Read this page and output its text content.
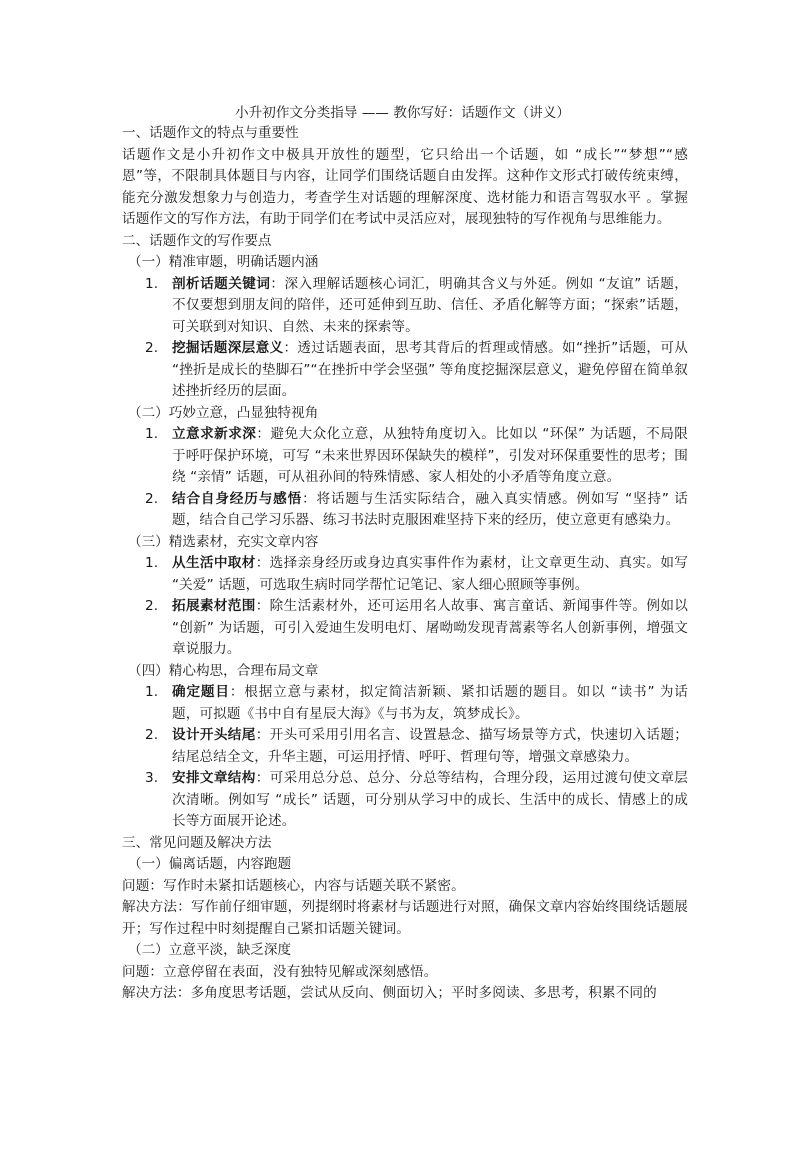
小升初作文分类指导 —— 教你写好：话题作文（讲义）
一、话题作文的特点与重要性
话题作文是小升初作文中极具开放性的题型，它只给出一个话题，如 “成长”“梦想”“感恩”等，不限制具体题目与内容，让同学们围绕话题自由发挥。这种作文形式打破传统束缚，能充分激发想象力与创造力，考查学生对话题的理解深度、选材能力和语言驾驭水平 。掌握话题作文的写作方法，有助于同学们在考试中灵活应对，展现独特的写作视角与思维能力。
二、话题作文的写作要点
（一）精准审题，明确话题内涵
1. 剖析话题关键词：深入理解话题核心词汇，明确其含义与外延。例如 “友谊” 话题，不仅要想到朋友间的陪伴，还可延伸到互助、信任、矛盾化解等方面；“探索”话题，可关联到对知识、自然、未来的探索等。
2. 挖掘话题深层意义：透过话题表面，思考其背后的哲理或情感。如“挫折”话题，可从 “挫折是成长的垫脚石”“在挫折中学会坚强” 等角度挖掘深层意义，避免停留在简单叙述挫折经历的层面。
（二）巧妙立意，凸显独特视角
1. 立意求新求深：避免大众化立意，从独特角度切入。比如以 “环保” 为话题，不局限于呼吁保护环境，可写 “未来世界因环保缺失的模样”，引发对环保重要性的思考；围绕 “亲情” 话题，可从祖孙间的特殊情感、家人相处的小矛盾等角度立意。
2. 结合自身经历与感悟：将话题与生活实际结合，融入真实情感。例如写 “坚持” 话题，结合自己学习乐器、练习书法时克服困难坚持下来的经历，使立意更有感染力。
（三）精选素材，充实文章内容
1. 从生活中取材：选择亲身经历或身边真实事件作为素材，让文章更生动、真实。如写 “关爱” 话题，可选取生病时同学帮忙记笔记、家人细心照顾等事例。
2. 拓展素材范围：除生活素材外，还可运用名人故事、寓言童话、新闻事件等。例如以 “创新” 为话题，可引入爱迪生发明电灯、屠呦呦发现青蒿素等名人创新事例，增强文章说服力。
（四）精心构思，合理布局文章
1. 确定题目：根据立意与素材，拟定简洁新颖、紧扣话题的题目。如以 “读书” 为话题，可拟题《书中自有星辰大海》《与书为友，筑梦成长》。
2. 设计开头结尾：开头可采用引用名言、设置悬念、描写场景等方式，快速切入话题；结尾总结全文，升华主题，可运用抒情、呼吁、哲理句等，增强文章感染力。
3. 安排文章结构：可采用总分总、总分、分总等结构，合理分段，运用过渡句使文章层次清晰。例如写 “成长” 话题，可分别从学习中的成长、生活中的成长、情感上的成长等方面展开论述。
三、常见问题及解决方法
（一）偏离话题，内容跑题
问题：写作时未紧扣话题核心，内容与话题关联不紧密。
解决方法：写作前仔细审题，列提纲时将素材与话题进行对照，确保文章内容始终围绕话题展开；写作过程中时刻提醒自己紧扣话题关键词。
（二）立意平淡，缺乏深度
问题：立意停留在表面，没有独特见解或深刻感悟。
解决方法：多角度思考话题，尝试从反向、侧面切入；平时多阅读、多思考，积累不同的
